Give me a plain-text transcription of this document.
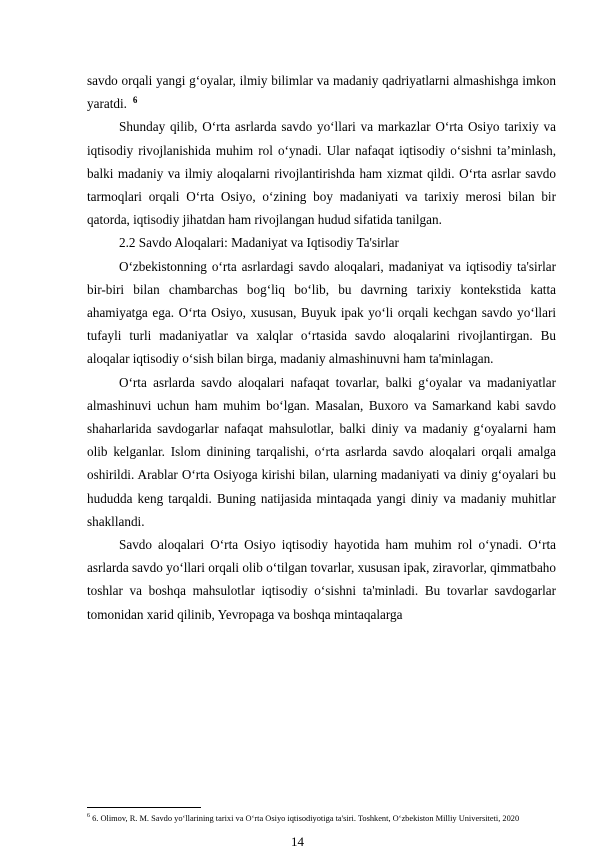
savdo orqali yangi g‘oyalar, ilmiy bilimlar va madaniy qadriyatlarni almashishga imkon yaratdi. $^6$

Shunday qilib, O‘rta asrlarda savdo yo‘llari va markazlar O‘rta Osiyo tarixiy va iqtisodiy rivojlanishida muhim rol o‘ynadi. Ular nafaqat iqtisodiy o‘sishni ta’minlash, balki madaniy va ilmiy aloqalarni rivojlantirishda ham xizmat qildi. O‘rta asrlar savdo tarmoqlari orqali O‘rta Osiyo, o‘zining boy madaniyati va tarixiy merosi bilan bir qatorda, iqtisodiy jihatdan ham rivojlangan hudud sifatida tanilgan.

2.2 Savdo Aloqalari: Madaniyat va Iqtisodiy Ta'sirlar

O‘zbekistonning o‘rta asrlardagi savdo aloqalari, madaniyat va iqtisodiy ta'sirlar bir-biri bilan chambarchas bog‘liq bo‘lib, bu davrning tarixiy kontekstida katta ahamiyatga ega. O‘rta Osiyo, xususan, Buyuk ipak yo‘li orqali kechgan savdo yo‘llari tufayli turli madaniyatlar va xalqlar o‘rtasida savdo aloqalarini rivojlantirgan. Bu aloqalar iqtisodiy o‘sish bilan birga, madaniy almashinuvni ham ta'minlagan.

O‘rta asrlarda savdo aloqalari nafaqat tovarlar, balki g‘oyalar va madaniyatlar almashinuvi uchun ham muhim bo‘lgan. Masalan, Buxoro va Samarkand kabi savdo shaharlarida savdogarlar nafaqat mahsulotlar, balki diniy va madaniy g‘oyalarni ham olib kelganlar. Islom dinining tarqalishi, o‘rta asrlarda savdo aloqalari orqali amalga oshirildi. Arablar O‘rta Osiyoga kirishi bilan, ularning madaniyati va diniy g‘oyalari bu hududda keng tarqaldi. Buning natijasida mintaqada yangi diniy va madaniy muhitlar shakllandi.

Savdo aloqalari O‘rta Osiyo iqtisodiy hayotida ham muhim rol o‘ynadi. O‘rta asrlarda savdo yo‘llari orqali olib o‘tilgan tovarlar, xususan ipak, ziravorlar, qimmatbaho toshlar va boshqa mahsulotlar iqtisodiy o‘sishni ta'minladi. Bu tovarlar savdogarlar tomonidan xarid qilinib, Yevropaga va boshqa mintaqalarga

$^6$ 6. Olimov, R. M. Savdo yo‘llarining tarixi va O‘rta Osiyo iqtisodiyotiga ta'siri. Toshkent, O‘zbekiston Milliy Universiteti, 2020
14
